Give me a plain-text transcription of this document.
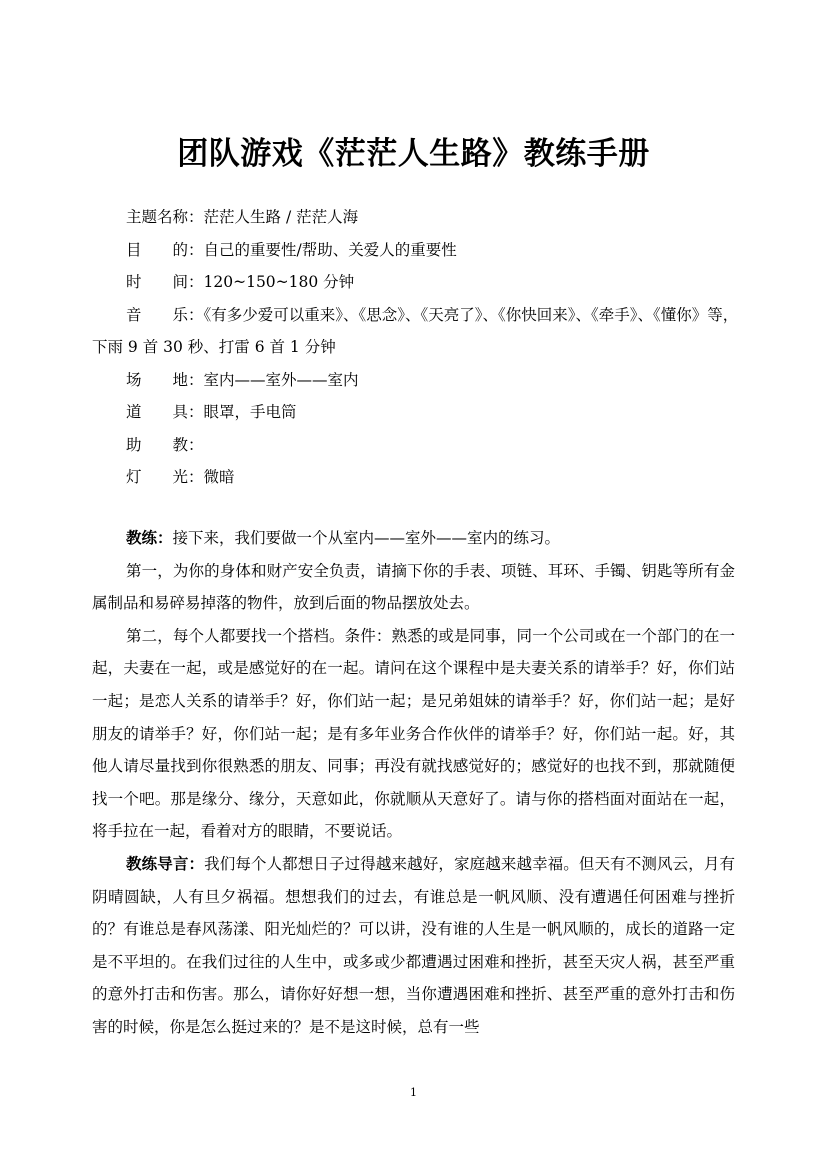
团队游戏《茫茫人生路》教练手册
主题名称：茫茫人生路 / 茫茫人海
目　　的：自己的重要性/帮助、关爱人的重要性
时　　间：120~150~180 分钟
音　　乐：《有多少爱可以重来》、《思念》、《天亮了》、《你快回来》、《牵手》、《懂你》等，下雨 9 首 30 秒、打雷 6 首 1 分钟
场　　地：室内——室外——室内
道　　具：眼罩，手电筒
助　　教：
灯　　光：微暗

教练：接下来，我们要做一个从室内——室外——室内的练习。

第一，为你的身体和财产安全负责，请摘下你的手表、项链、耳环、手镯、钥匙等所有金属制品和易碎易掉落的物件，放到后面的物品摆放处去。

第二，每个人都要找一个搭档。条件：熟悉的或是同事，同一个公司或在一个部门的在一起，夫妻在一起，或是感觉好的在一起。请问在这个课程中是夫妻关系的请举手？好，你们站一起；是恋人关系的请举手？好，你们站一起；是兄弟姐妹的请举手？好，你们站一起；是好朋友的请举手？好，你们站一起；是有多年业务合作伙伴的请举手？好，你们站一起。好，其他人请尽量找到你很熟悉的朋友、同事；再没有就找感觉好的；感觉好的也找不到，那就随便找一个吧。那是缘分、缘分，天意如此，你就顺从天意好了。请与你的搭档面对面站在一起，将手拉在一起，看着对方的眼睛，不要说话。

教练导言：我们每个人都想日子过得越来越好，家庭越来越幸福。但天有不测风云，月有阴晴圆缺，人有旦夕祸福。想想我们的过去，有谁总是一帆风顺、没有遭遇任何困难与挫折的？有谁总是春风荡漾、阳光灿烂的？可以讲，没有谁的人生是一帆风顺的，成长的道路一定是不平坦的。在我们过往的人生中，或多或少都遭遇过困难和挫折，甚至天灾人祸，甚至严重的意外打击和伤害。那么，请你好好想一想，当你遭遇困难和挫折、甚至严重的意外打击和伤害的时候，你是怎么挺过来的？是不是这时候，总有一些

1
